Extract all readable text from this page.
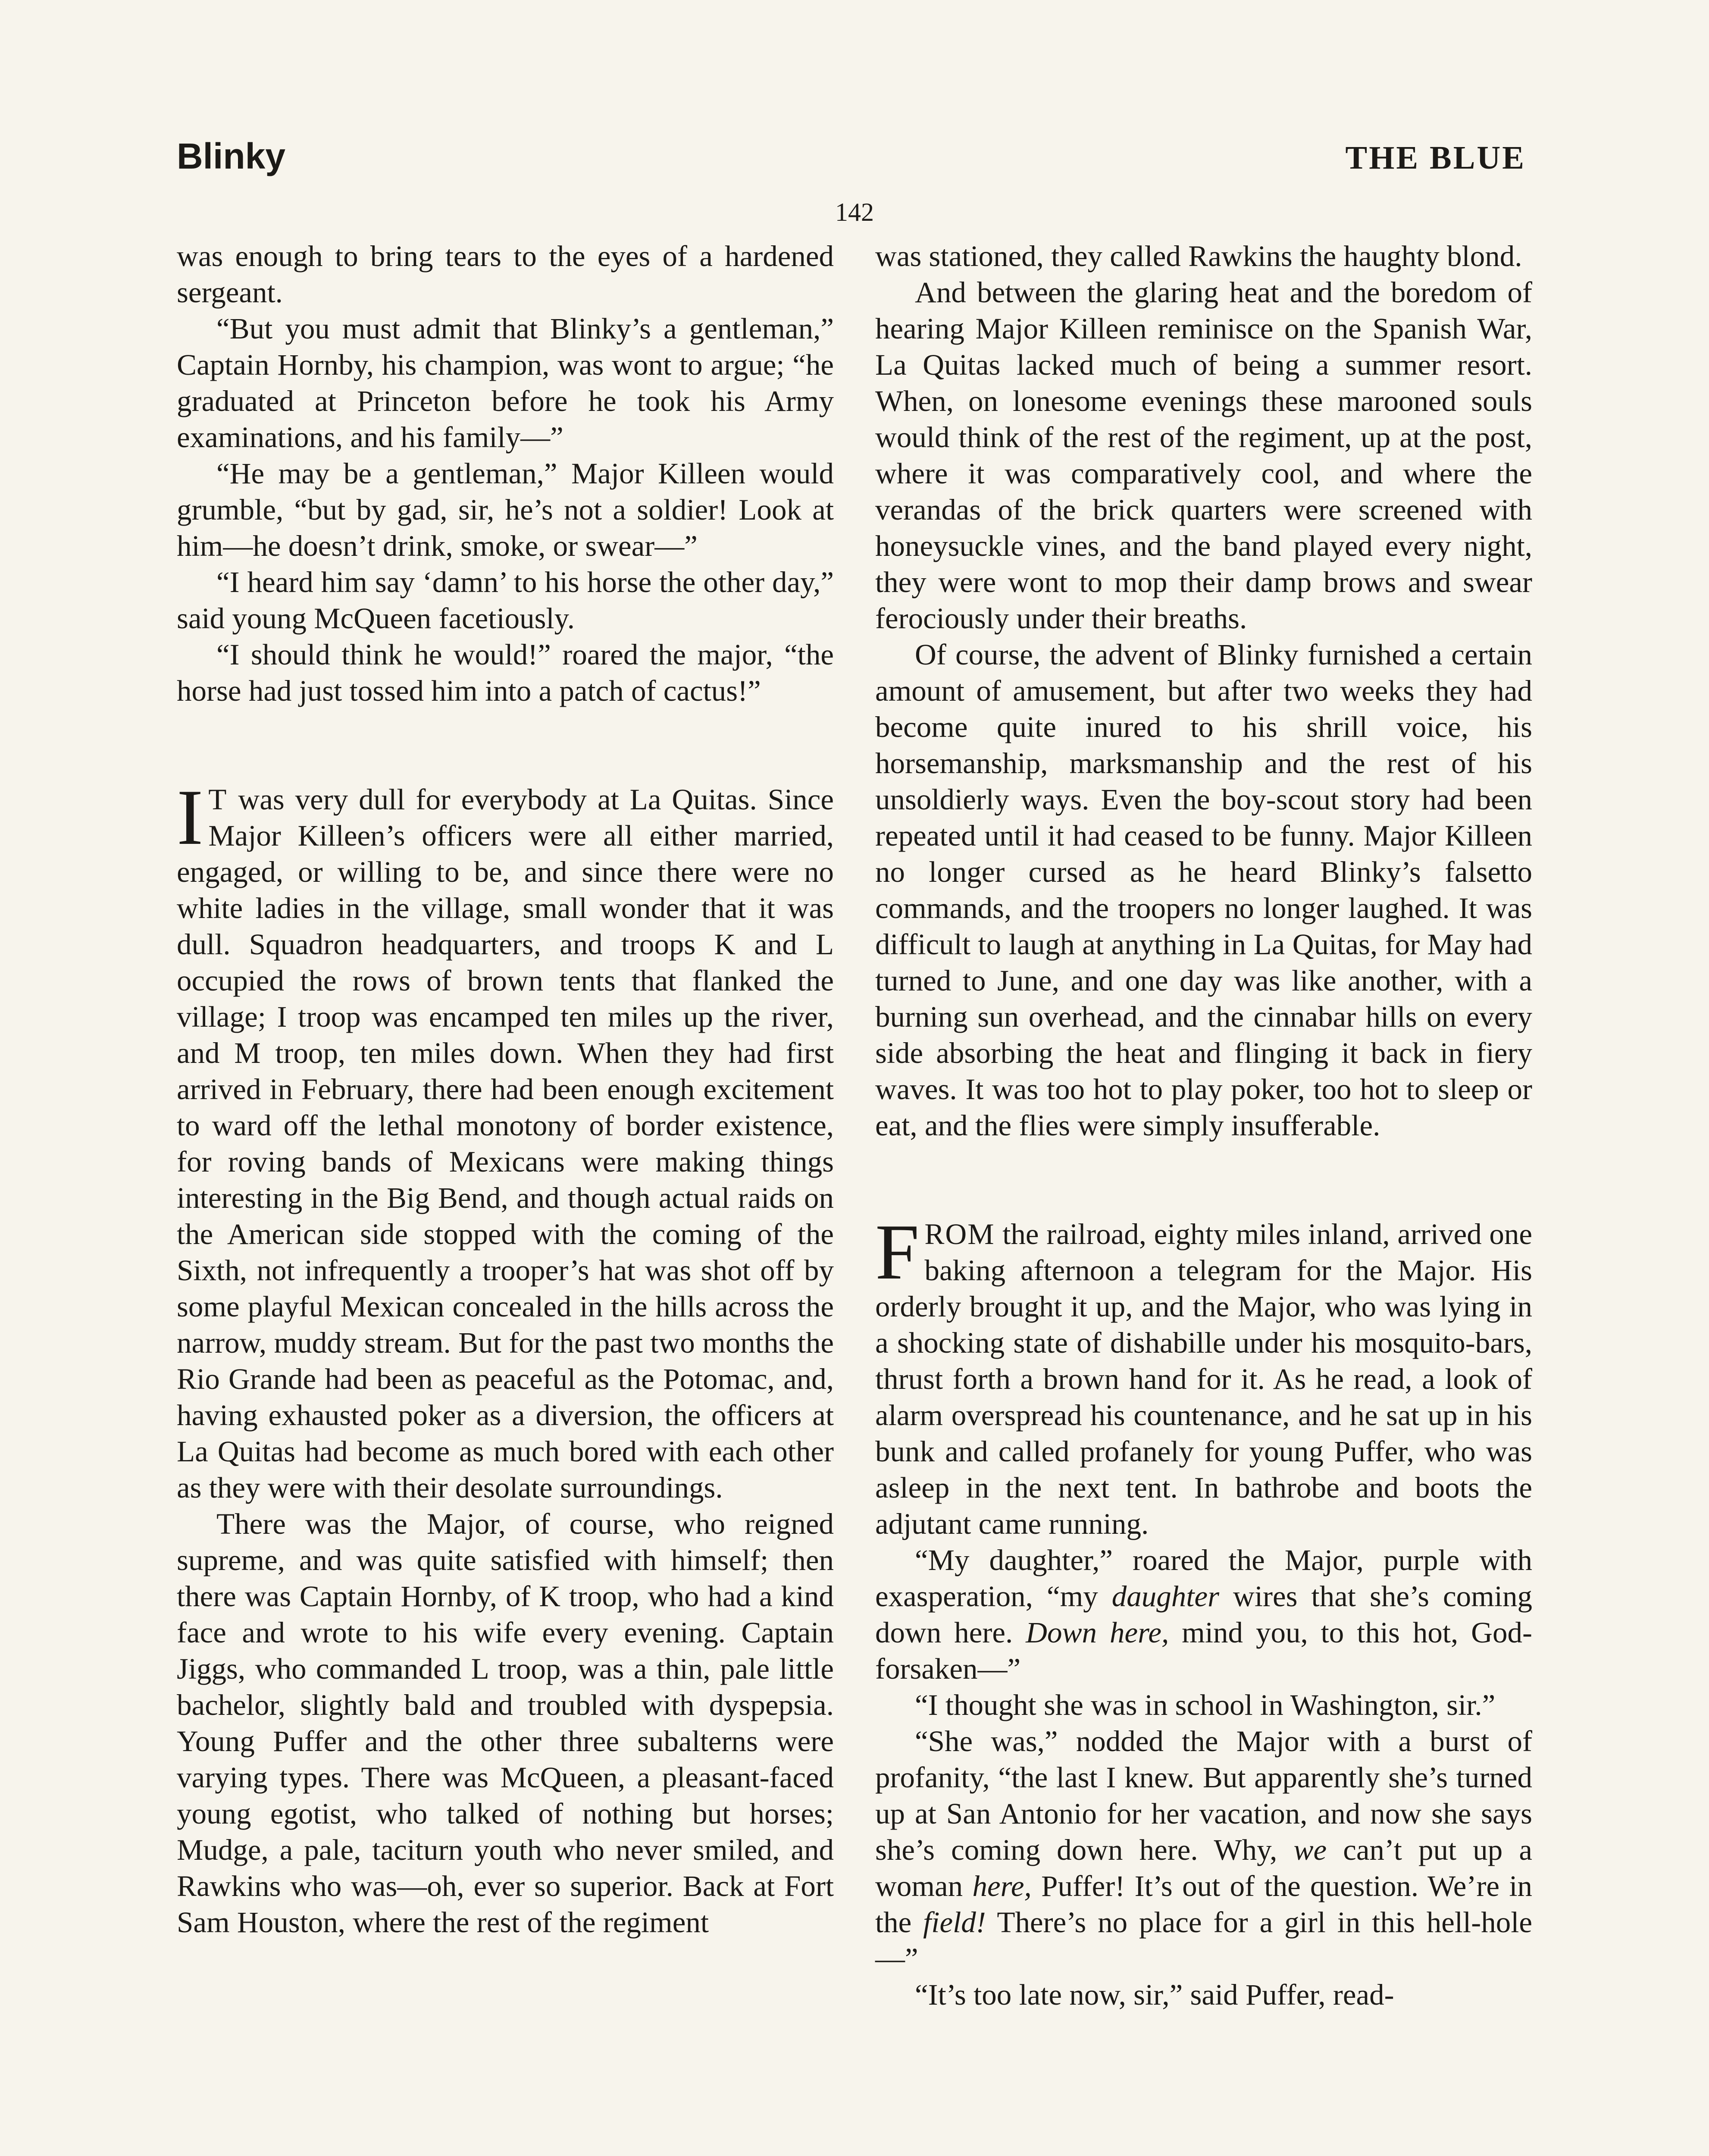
Blinky	THE BLUE
142

was enough to bring tears to the eyes of a hardened sergeant.

“But you must admit that Blinky’s a gentleman,” Captain Hornby, his champion, was wont to argue; “he graduated at Princeton before he took his Army examinations, and his family—”

“He may be a gentleman,” Major Killeen would grumble, “but by gad, sir, he’s not a soldier! Look at him—he doesn’t drink, smoke, or swear—”

“I heard him say ‘damn’ to his horse the other day,” said young McQueen facetiously.

“I should think he would!” roared the major, “the horse had just tossed him into a patch of cactus!”

I T was very dull for everybody at La Quitas. Since Major Killeen’s officers were all either married, engaged, or willing to be, and since there were no white ladies in the village, small wonder that it was dull. Squadron headquarters, and troops K and L occupied the rows of brown tents that flanked the village; I troop was encamped ten miles up the river, and M troop, ten miles down. When they had first arrived in February, there had been enough excitement to ward off the lethal monotony of border existence, for roving bands of Mexicans were making things interesting in the Big Bend, and though actual raids on the American side stopped with the coming of the Sixth, not infrequently a trooper’s hat was shot off by some playful Mexican concealed in the hills across the narrow, muddy stream. But for the past two months the Rio Grande had been as peaceful as the Potomac, and, having exhausted poker as a diversion, the officers at La Quitas had become as much bored with each other as they were with their desolate surroundings.

There was the Major, of course, who reigned supreme, and was quite satisfied with himself; then there was Captain Hornby, of K troop, who had a kind face and wrote to his wife every evening. Captain Jiggs, who commanded L troop, was a thin, pale little bachelor, slightly bald and troubled with dyspepsia. Young Puffer and the other three subalterns were varying types. There was McQueen, a pleasant-faced young egotist, who talked of nothing but horses; Mudge, a pale, taciturn youth who never smiled, and Rawkins who was—oh, ever so superior. Back at Fort Sam Houston, where the rest of the regiment

was stationed, they called Rawkins the haughty blond.

And between the glaring heat and the boredom of hearing Major Killeen reminisce on the Spanish War, La Quitas lacked much of being a summer resort. When, on lonesome evenings these marooned souls would think of the rest of the regiment, up at the post, where it was comparatively cool, and where the verandas of the brick quarters were screened with honeysuckle vines, and the band played every night, they were wont to mop their damp brows and swear ferociously under their breaths.

Of course, the advent of Blinky furnished a certain amount of amusement, but after two weeks they had become quite inured to his shrill voice, his horsemanship, marksmanship and the rest of his unsoldierly ways. Even the boy-scout story had been repeated until it had ceased to be funny. Major Killeen no longer cursed as he heard Blinky’s falsetto commands, and the troopers no longer laughed. It was difficult to laugh at anything in La Quitas, for May had turned to June, and one day was like another, with a burning sun overhead, and the cinnabar hills on every side absorbing the heat and flinging it back in fiery waves. It was too hot to play poker, too hot to sleep or eat, and the flies were simply insufferable.

FROM the railroad, eighty miles inland, arrived one baking afternoon a telegram for the Major. His orderly brought it up, and the Major, who was lying in a shocking state of dishabille under his mosquito-bars, thrust forth a brown hand for it. As he read, a look of alarm overspread his countenance, and he sat up in his bunk and called profanely for young Puffer, who was asleep in the next tent. In bathrobe and boots the adjutant came running.

“My daughter,” roared the Major, purple with exasperation, “my daughter wires that she’s coming down here. Down here, mind you, to this hot, God-forsaken—”

“I thought she was in school in Washington, sir.”

“She was,” nodded the Major with a burst of profanity, “the last I knew. But apparently she’s turned up at San Antonio for her vacation, and now she says she’s coming down here. Why, we can’t put up a woman here, Puffer! It’s out of the question. We’re in the field! There’s no place for a girl in this hell-hole—”

“It’s too late now, sir,” said Puffer, read-
